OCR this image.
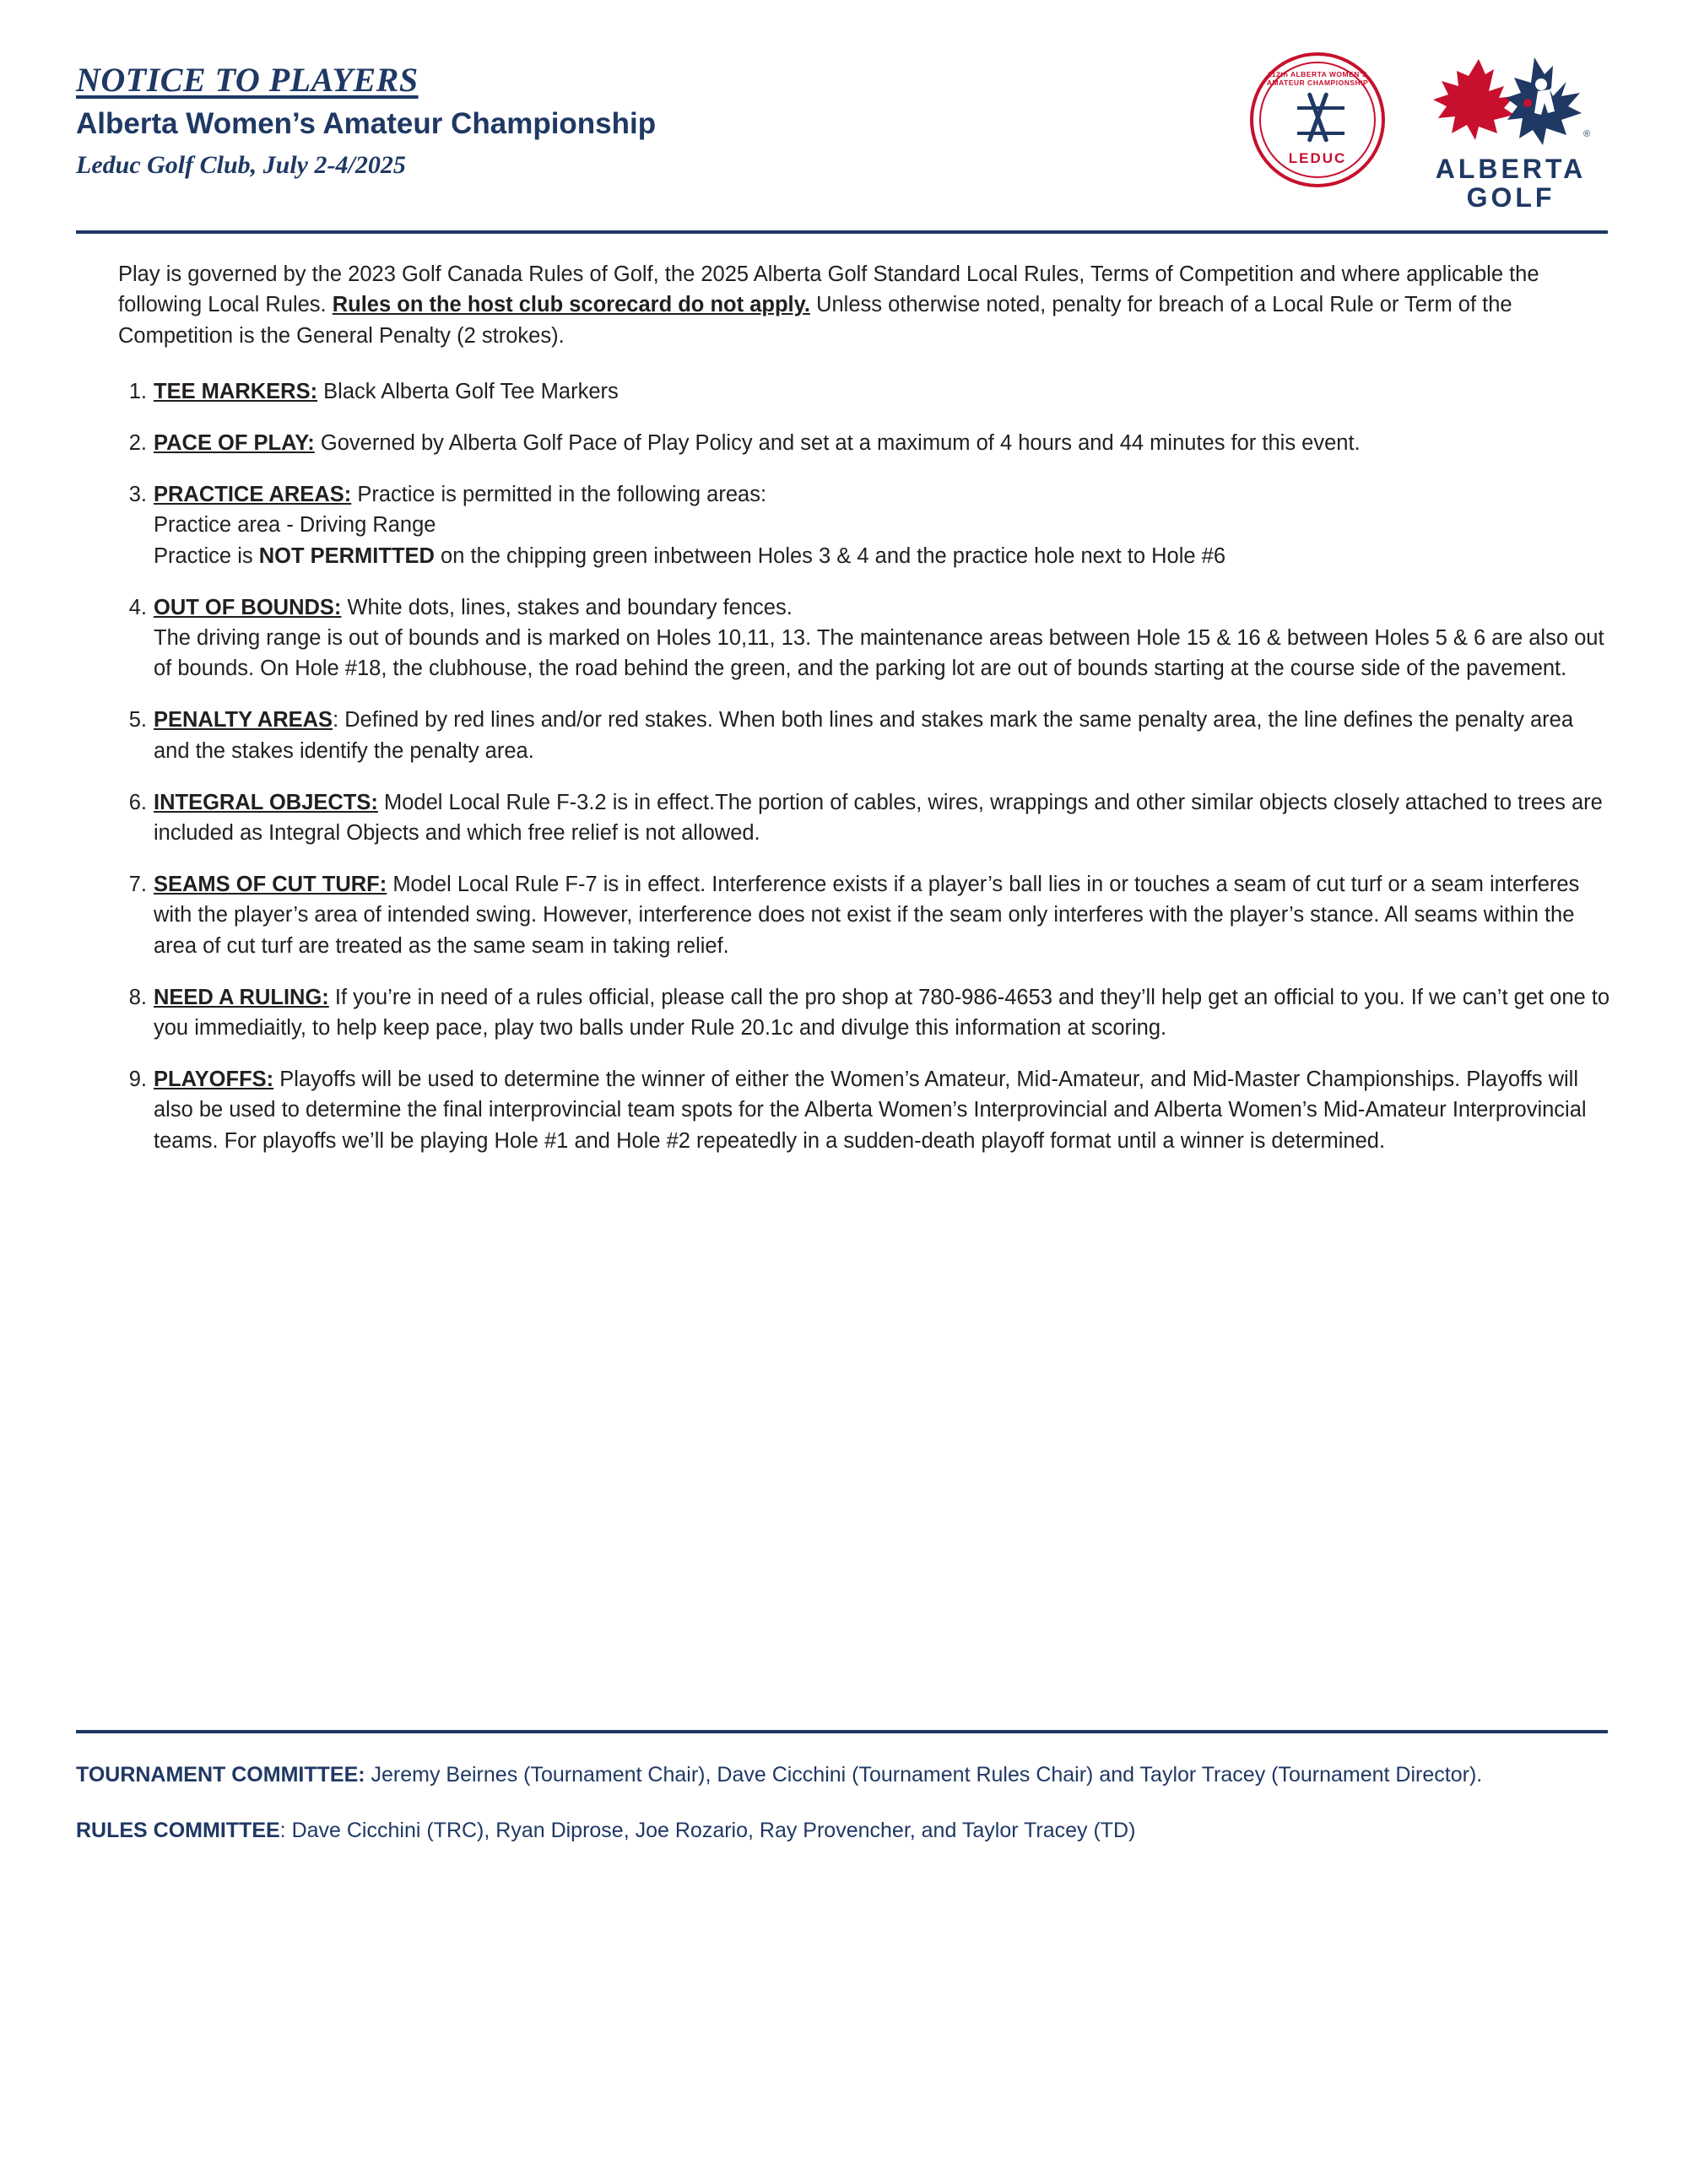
NOTICE TO PLAYERS
Alberta Women’s Amateur Championship
Leduc Golf Club, July 2-4/2025
112th ALBERTA WOMEN’S AMATEUR CHAMPIONSHIP
LEDUC
®
ALBERTA
GOLF

Play is governed by the 2023 Golf Canada Rules of Golf, the 2025 Alberta Golf Standard Local Rules, Terms of Competition and where applicable the following Local Rules. Rules on the host club scorecard do not apply. Unless otherwise noted, penalty for breach of a Local Rule or Term of the Competition is the General Penalty (2 strokes).

TEE MARKERS: Black Alberta Golf Tee Markers
PACE OF PLAY: Governed by Alberta Golf Pace of Play Policy and set at a maximum of 4 hours and 44 minutes for this event.
PRACTICE AREAS: Practice is permitted in the following areas:
Practice area - Driving Range
Practice is NOT PERMITTED on the chipping green inbetween Holes 3 & 4 and the practice hole next to Hole #6
OUT OF BOUNDS: White dots, lines, stakes and boundary fences.
The driving range is out of bounds and is marked on Holes 10,11, 13. The maintenance areas between Hole 15 & 16 & between Holes 5 & 6 are also out of bounds. On Hole #18, the clubhouse, the road behind the green, and the parking lot are out of bounds starting at the course side of the pavement.
PENALTY AREAS: Defined by red lines and/or red stakes. When both lines and stakes mark the same penalty area, the line defines the penalty area and the stakes identify the penalty area.
INTEGRAL OBJECTS: Model Local Rule F-3.2 is in effect.The portion of cables, wires, wrappings and other similar objects closely attached to trees are included as Integral Objects and which free relief is not allowed.
SEAMS OF CUT TURF: Model Local Rule F-7 is in effect. Interference exists if a player’s ball lies in or touches a seam of cut turf or a seam interferes with the player’s area of intended swing. However, interference does not exist if the seam only interferes with the player’s stance. All seams within the area of cut turf are treated as the same seam in taking relief.
NEED A RULING: If you’re in need of a rules official, please call the pro shop at 780-986-4653 and they’ll help get an official to you. If we can’t get one to you immediaitly, to help keep pace, play two balls under Rule 20.1c and divulge this information at scoring.
PLAYOFFS: Playoffs will be used to determine the winner of either the Women’s Amateur, Mid-Amateur, and Mid-Master Championships. Playoffs will also be used to determine the final interprovincial team spots for the Alberta Women’s Interprovincial and Alberta Women’s Mid-Amateur Interprovincial teams. For playoffs we’ll be playing Hole #1 and Hole #2 repeatedly in a sudden-death playoff format until a winner is determined.

TOURNAMENT COMMITTEE: Jeremy Beirnes (Tournament Chair), Dave Cicchini (Tournament Rules Chair) and Taylor Tracey (Tournament Director).

RULES COMMITTEE: Dave Cicchini (TRC), Ryan Diprose, Joe Rozario, Ray Provencher, and Taylor Tracey (TD)
